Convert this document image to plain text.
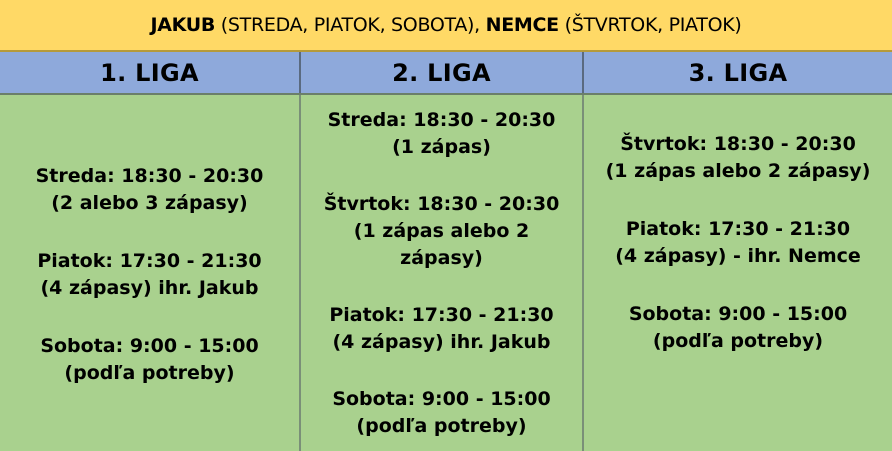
JAKUB (STREDA, PIATOK, SOBOTA), NEMCE (ŠTVRTOK, PIATOK)
1. LIGA	2. LIGA	3. LIGA
Streda: 18:30 - 20:30
(2 alebo 3 zápasy)
Piatok: 17:30 - 21:30
(4 zápasy) ihr. Jakub
Sobota: 9:00 - 15:00
(podľa potreby)
Streda: 18:30 - 20:30
(1 zápas)
Štvrtok: 18:30 - 20:30
(1 zápas alebo 2
zápasy)
Piatok: 17:30 - 21:30
(4 zápasy) ihr. Jakub
Sobota: 9:00 - 15:00
(podľa potreby)
Štvrtok: 18:30 - 20:30
(1 zápas alebo 2 zápasy)
Piatok: 17:30 - 21:30
(4 zápasy) - ihr. Nemce
Sobota: 9:00 - 15:00
(podľa potreby)
